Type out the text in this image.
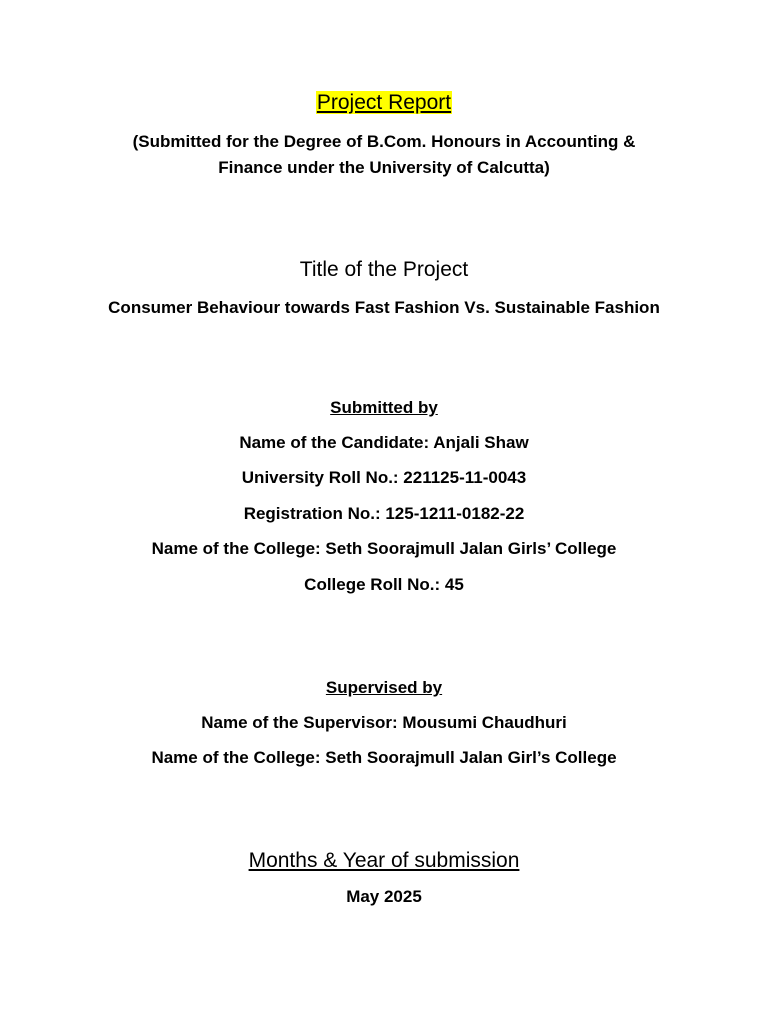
Project Report
(Submitted for the Degree of B.Com. Honours in Accounting &
Finance under the University of Calcutta)
Title of the Project
Consumer Behaviour towards Fast Fashion Vs. Sustainable Fashion
Submitted by
Name of the Candidate: Anjali Shaw
University Roll No.: 221125-11-0043
Registration No.: 125-1211-0182-22
Name of the College: Seth Soorajmull Jalan Girls’ College
College Roll No.: 45
Supervised by
Name of the Supervisor: Mousumi Chaudhuri
Name of the College: Seth Soorajmull Jalan Girl’s College
Months & Year of submission
May 2025
